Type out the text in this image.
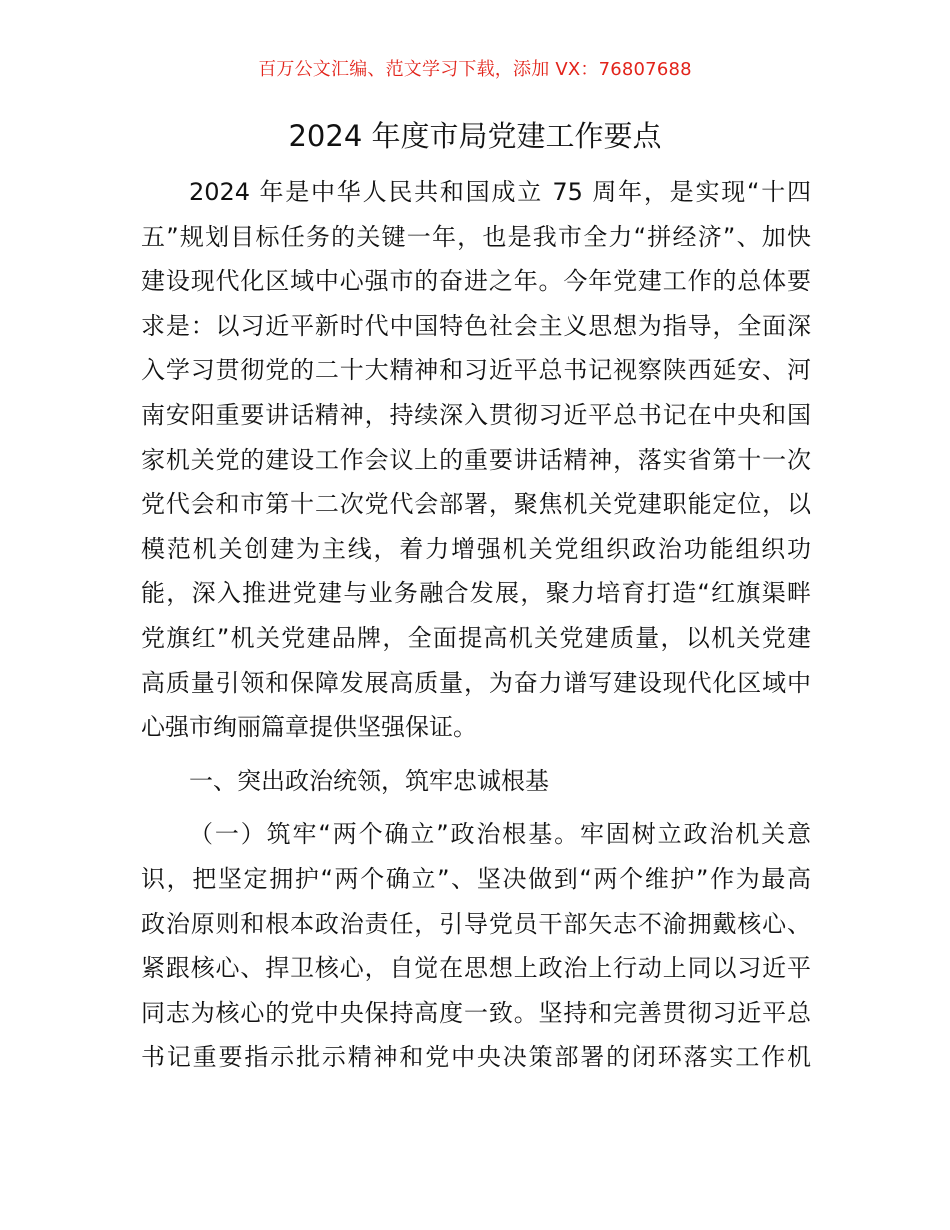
百万公文汇编、范文学习下载，添加 VX：76807688
2024 年度市局党建工作要点
2024 年是中华人民共和国成立 75 周年，是实现“十四
五”规划目标任务的关键一年，也是我市全力“拼经济”、加快
建设现代化区域中心强市的奋进之年。今年党建工作的总体要
求是：以习近平新时代中国特色社会主义思想为指导，全面深
入学习贯彻党的二十大精神和习近平总书记视察陕西延安、河
南安阳重要讲话精神，持续深入贯彻习近平总书记在中央和国
家机关党的建设工作会议上的重要讲话精神，落实省第十一次
党代会和市第十二次党代会部署，聚焦机关党建职能定位，以
模范机关创建为主线，着力增强机关党组织政治功能组织功
能，深入推进党建与业务融合发展，聚力培育打造“红旗渠畔
党旗红”机关党建品牌，全面提高机关党建质量，以机关党建
高质量引领和保障发展高质量，为奋力谱写建设现代化区域中
心强市绚丽篇章提供坚强保证。
一、突出政治统领，筑牢忠诚根基
（一）筑牢“两个确立”政治根基。牢固树立政治机关意
识，把坚定拥护“两个确立”、坚决做到“两个维护”作为最高
政治原则和根本政治责任，引导党员干部矢志不渝拥戴核心、
紧跟核心、捍卫核心，自觉在思想上政治上行动上同以习近平
同志为核心的党中央保持高度一致。坚持和完善贯彻习近平总
书记重要指示批示精神和党中央决策部署的闭环落实工作机
